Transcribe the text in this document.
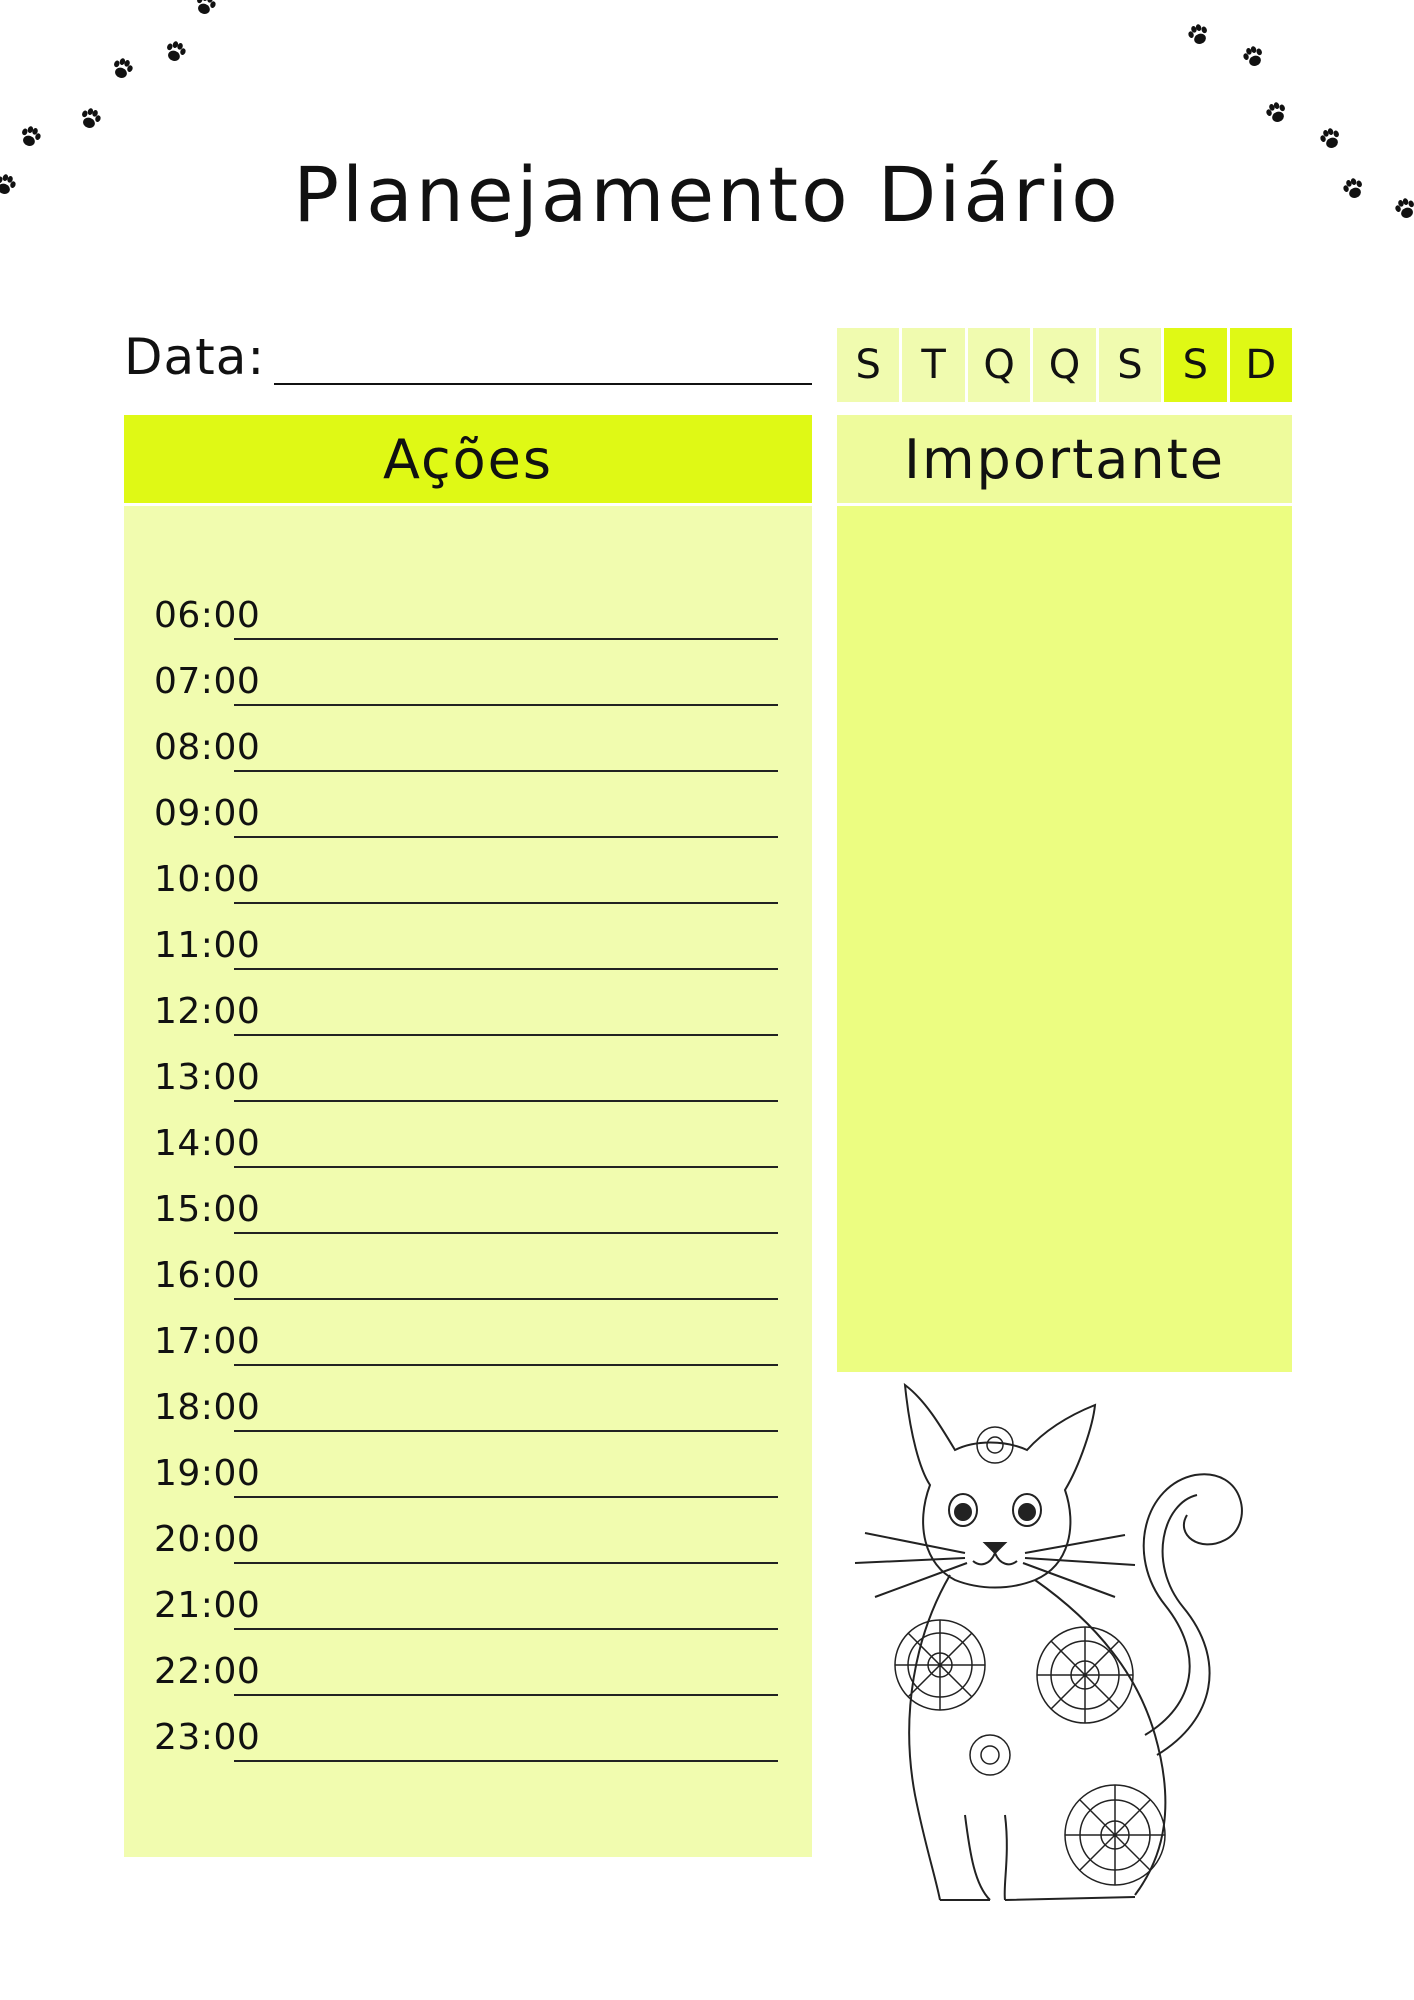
Planejamento Diário
Data:	S	T Q Q S	S D
Ações
06:00
07:00
08:00
09:00
10:00
11:00
12:00
13:00
14:00
15:00
16:00
17:00
18:00
19:00
20:00
21:00
22:00
23:00
Importante
